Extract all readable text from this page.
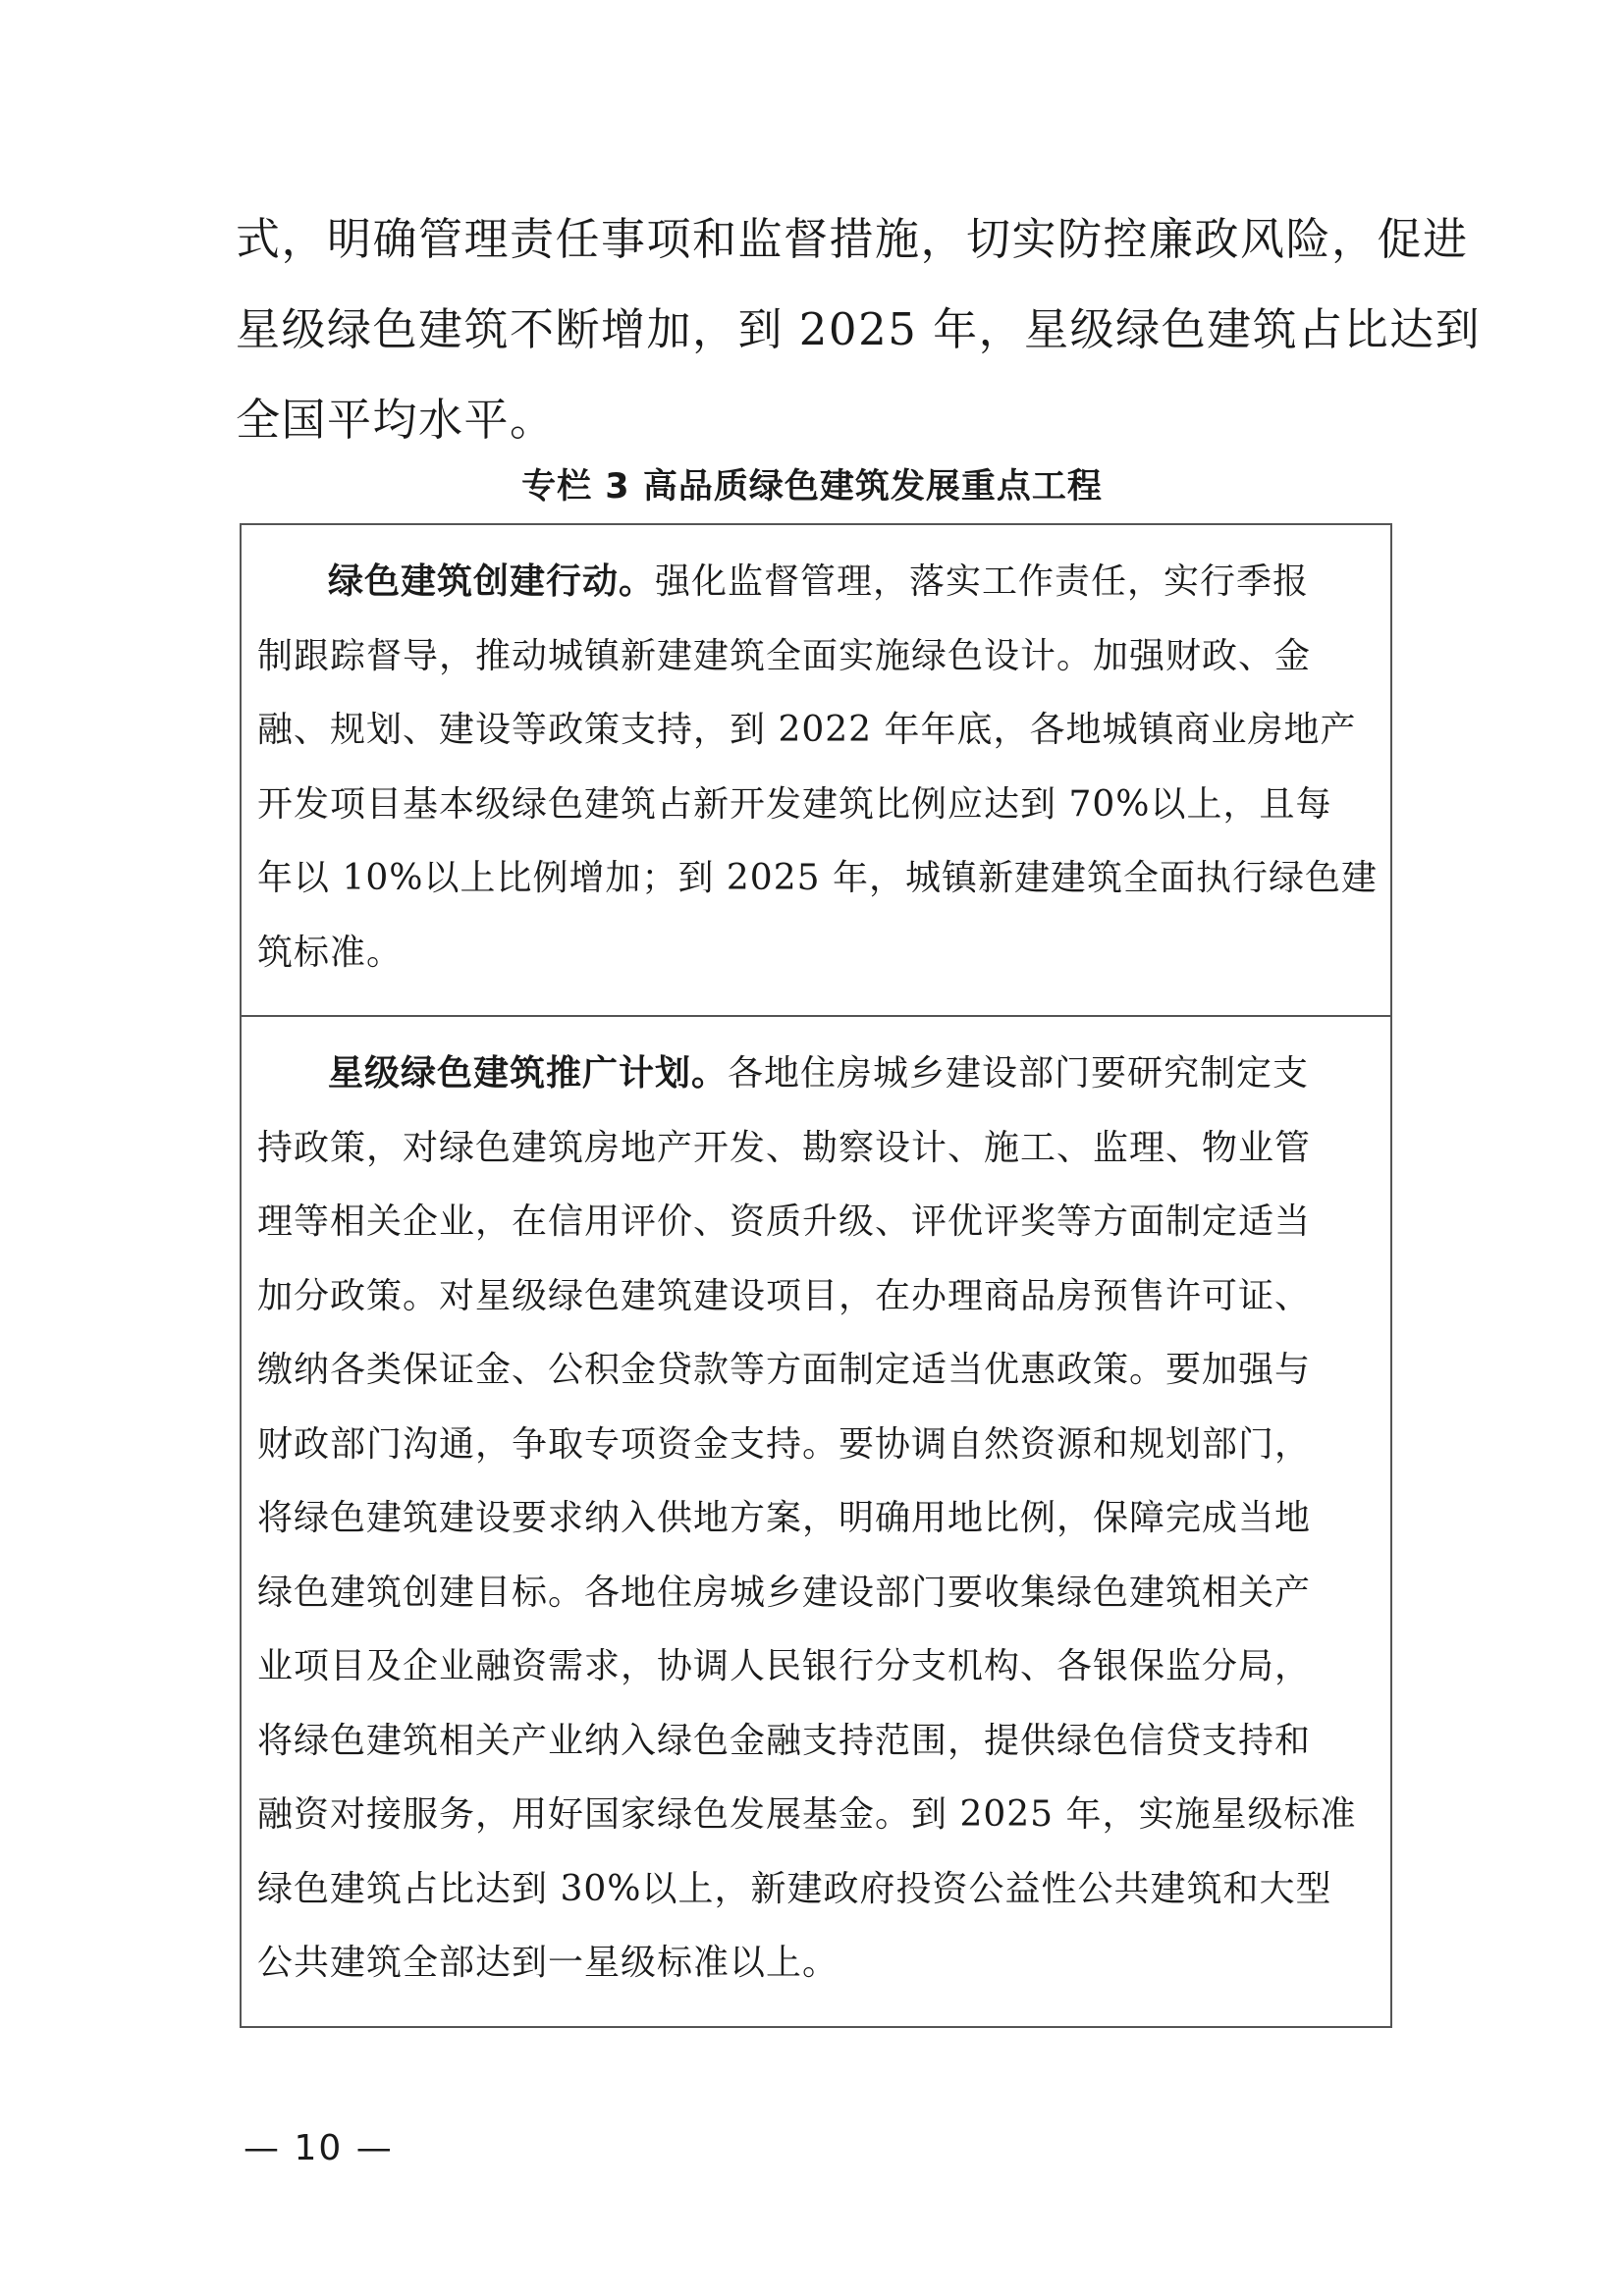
式，明确管理责任事项和监督措施，切实防控廉政风险，促进
星级绿色建筑不断增加，到 2025 年，星级绿色建筑占比达到
全国平均水平。
专栏 3 高品质绿色建筑发展重点工程
绿色建筑创建行动。强化监督管理，落实工作责任，实行季报
制跟踪督导，推动城镇新建建筑全面实施绿色设计。加强财政、金
融、规划、建设等政策支持，到 2022 年年底，各地城镇商业房地产
开发项目基本级绿色建筑占新开发建筑比例应达到 70%以上，且每
年以 10%以上比例增加；到 2025 年，城镇新建建筑全面执行绿色建
筑标准。
星级绿色建筑推广计划。各地住房城乡建设部门要研究制定支
持政策，对绿色建筑房地产开发、勘察设计、施工、监理、物业管
理等相关企业，在信用评价、资质升级、评优评奖等方面制定适当
加分政策。对星级绿色建筑建设项目，在办理商品房预售许可证、
缴纳各类保证金、公积金贷款等方面制定适当优惠政策。要加强与
财政部门沟通，争取专项资金支持。要协调自然资源和规划部门，
将绿色建筑建设要求纳入供地方案，明确用地比例，保障完成当地
绿色建筑创建目标。各地住房城乡建设部门要收集绿色建筑相关产
业项目及企业融资需求，协调人民银行分支机构、各银保监分局，
将绿色建筑相关产业纳入绿色金融支持范围，提供绿色信贷支持和
融资对接服务，用好国家绿色发展基金。到 2025 年，实施星级标准
绿色建筑占比达到 30%以上，新建政府投资公益性公共建筑和大型
公共建筑全部达到一星级标准以上。
— 10 —
